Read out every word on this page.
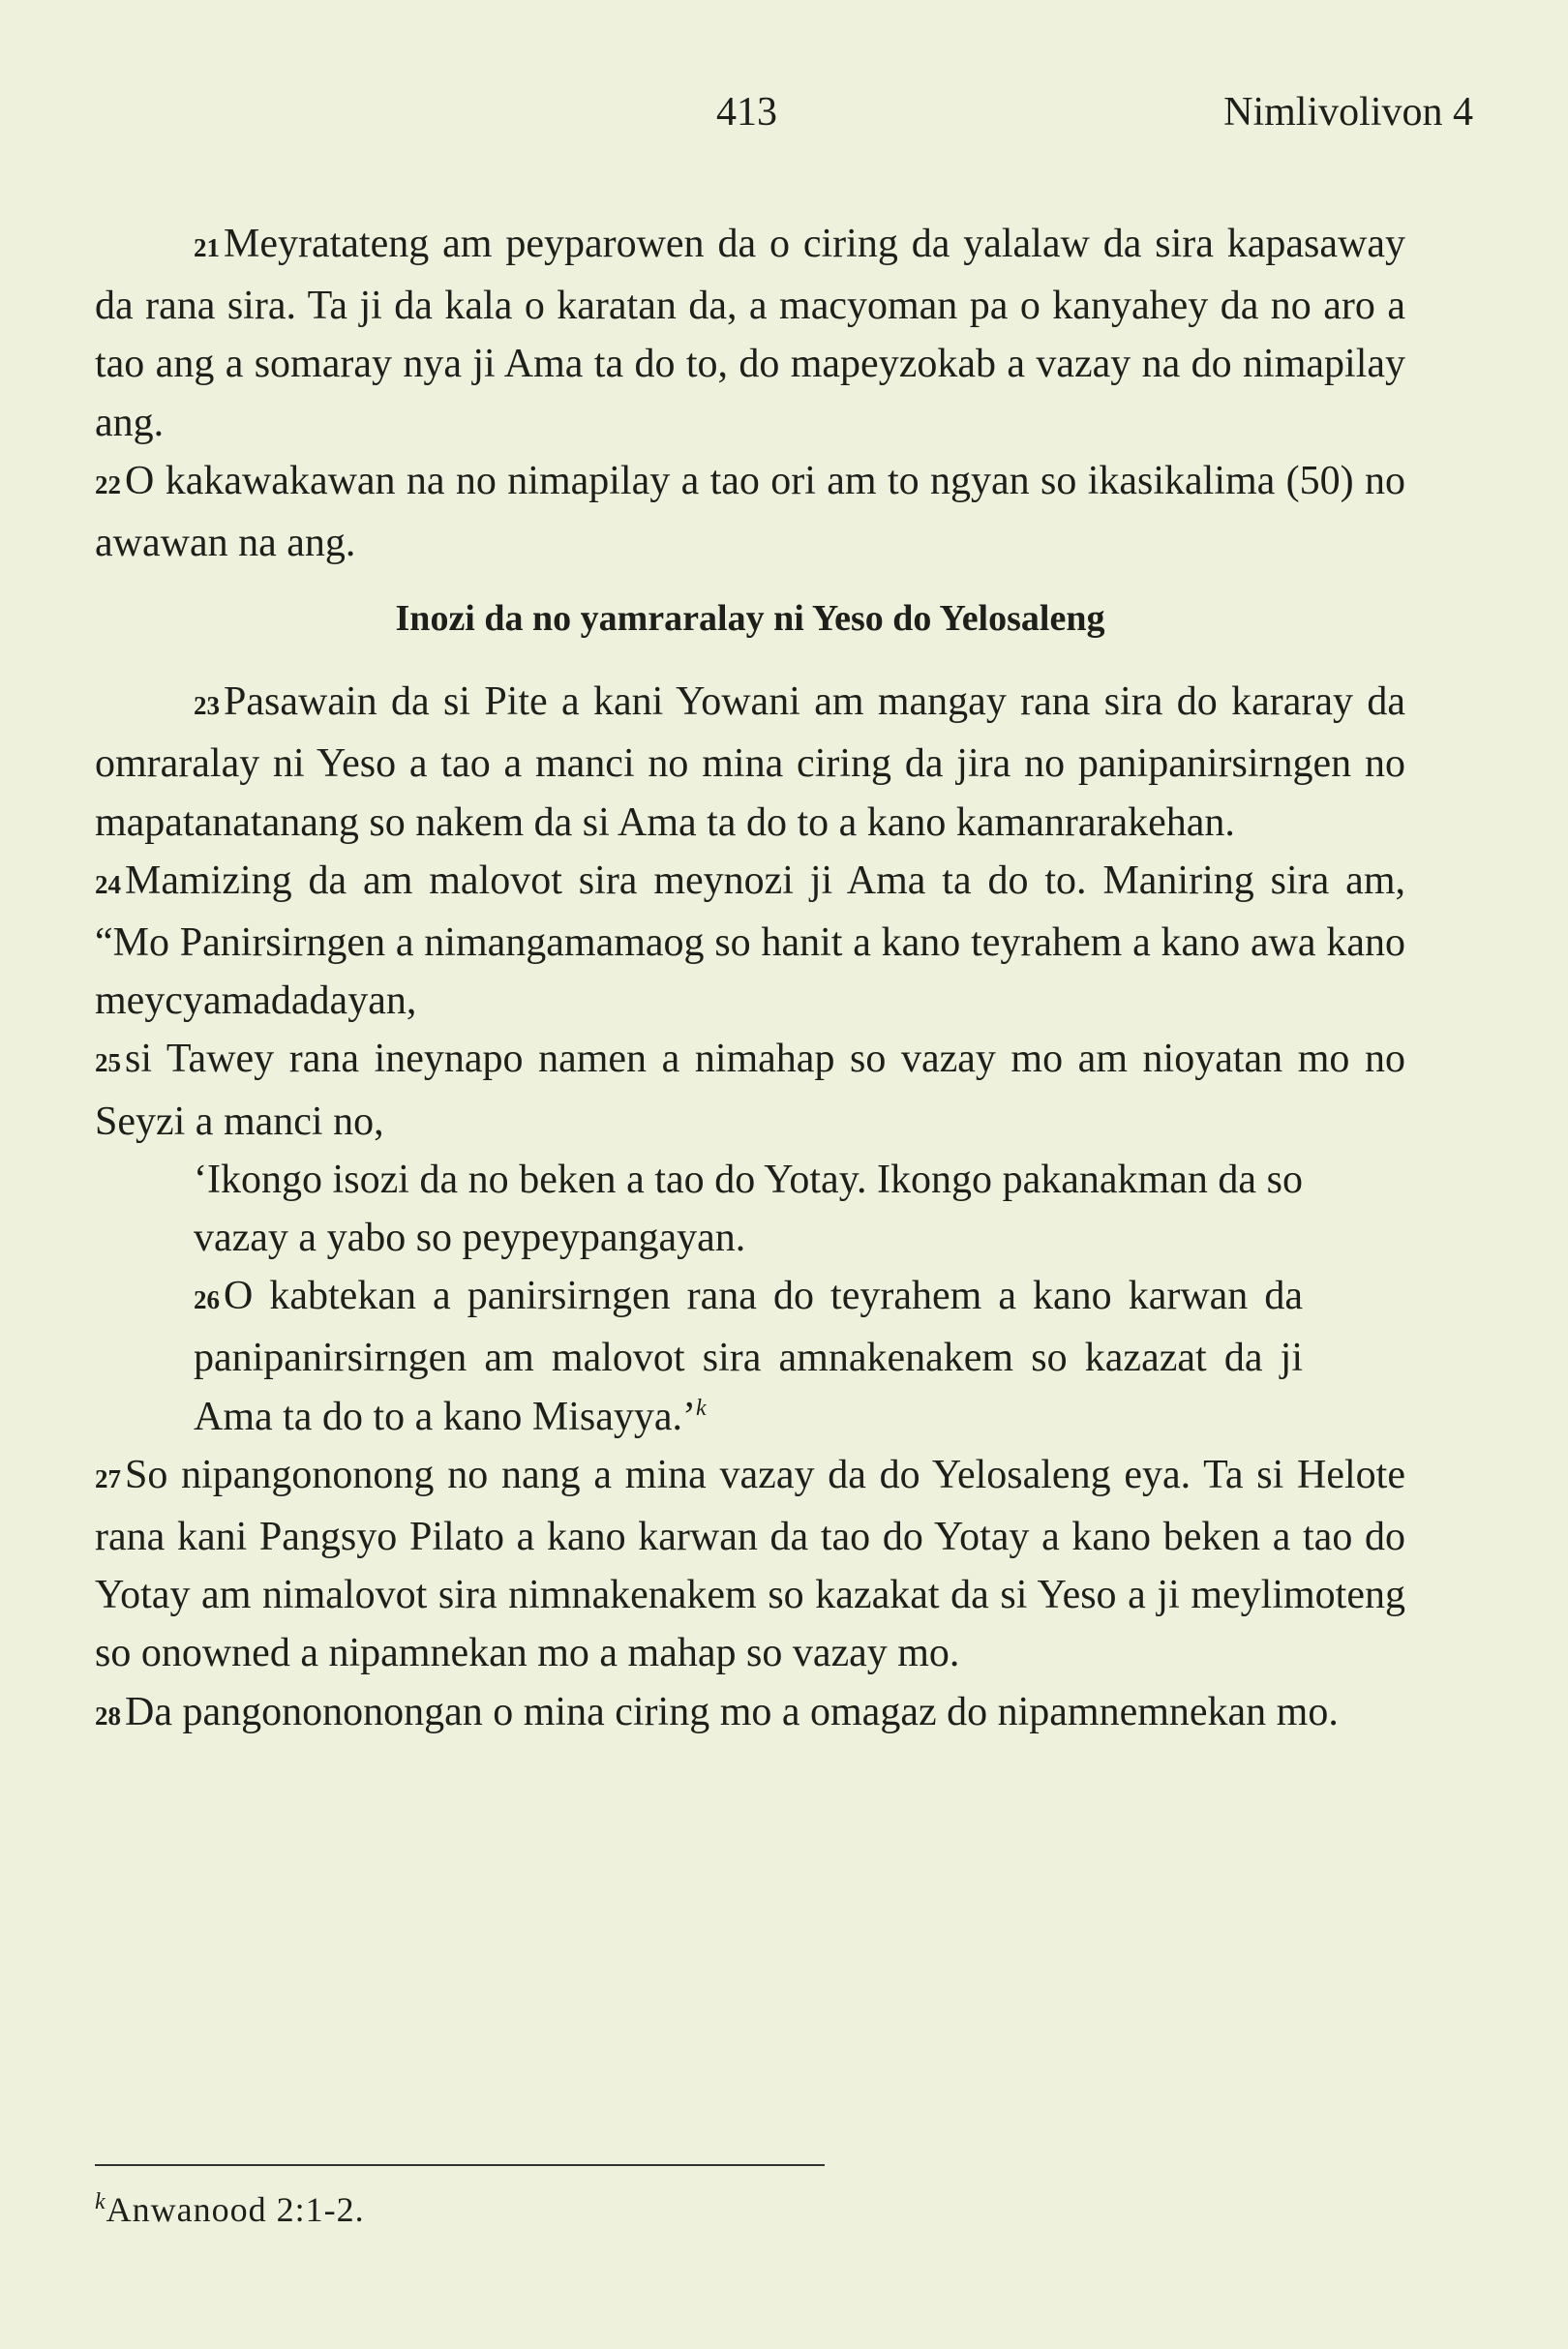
413	Nimlivolivon 4

21Meyratateng am peyparowen da o ciring da yalalaw da sira kapasaway da rana sira. Ta ji da kala o karatan da, a macyoman pa o kanyahey da no aro a tao ang a somaray nya ji Ama ta do to, do mapeyzokab a vazay na do nimapilay ang.

22O kakawakawan na no nimapilay a tao ori am to ngyan so ikasikalima (50) no awawan na ang.

Inozi da no yamraralay ni Yeso do Yelosaleng

23Pasawain da si Pite a kani Yowani am mangay rana sira do kararay da omraralay ni Yeso a tao a manci no mina ciring da jira no panipanirsirngen no mapatanatanang so nakem da si Ama ta do to a kano kamanrarakehan.

24Mamizing da am malovot sira meynozi ji Ama ta do to. Maniring sira am, “Mo Panirsirngen a nimangamamaog so hanit a kano teyrahem a kano awa kano meycyamadadayan,

25si Tawey rana ineynapo namen a nimahap so vazay mo am nioyatan mo no Seyzi a manci no,

‘Ikongo isozi da no beken a tao do Yotay. Ikongo pakanakman da so vazay a yabo so peypeypangayan.

26O kabtekan a panirsirngen rana do teyrahem a kano karwan da panipanirsirngen am malovot sira amnakenakem so kazazat da ji Ama ta do to a kano Misayya.’$^k$

27So nipangononong no nang a mina vazay da do Yelosaleng eya. Ta si Helote rana kani Pangsyo Pilato a kano karwan da tao do Yotay a kano beken a tao do Yotay am nimalovot sira nimnakenakem so kazakat da si Yeso a ji meylimoteng so onowned a nipamnekan mo a mahap so vazay mo.

28Da pangonononongan o mina ciring mo a omagaz do nipamnemnekan mo.

$^k$Anwanood 2:1-2.
